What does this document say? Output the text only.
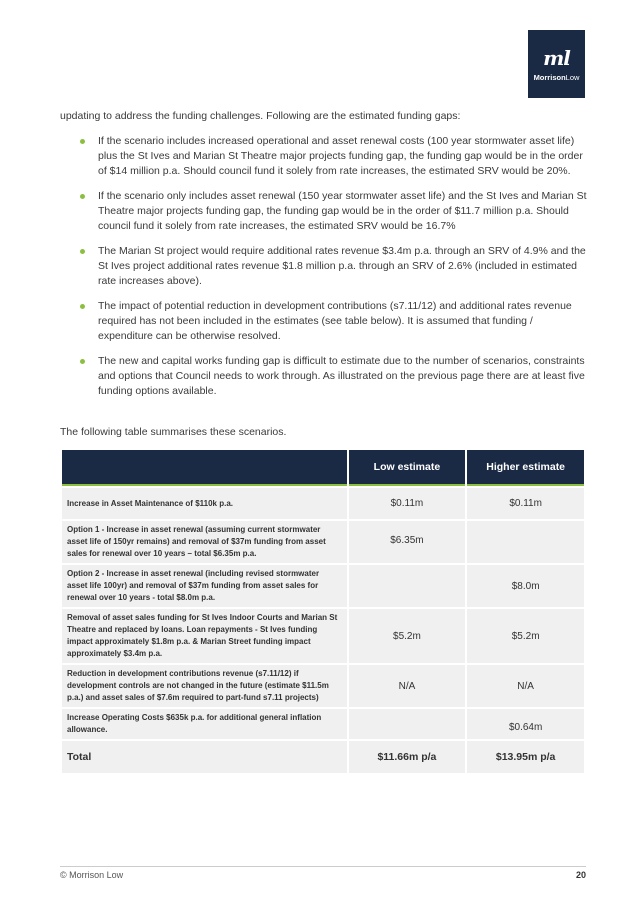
ml
MorrisonLow

updating to address the funding challenges. Following are the estimated funding gaps:

If the scenario includes increased operational and asset renewal costs (100 year stormwater asset life) plus the St Ives and Marian St Theatre major projects funding gap, the funding gap would be in the order of $14 million p.a. Should council fund it solely from rate increases, the estimated SRV would be 20%.
If the scenario only includes asset renewal (150 year stormwater asset life) and the St Ives and Marian St Theatre major projects funding gap, the funding gap would be in the order of $11.7 million p.a. Should council fund it solely from rate increases, the estimated SRV would be 16.7%
The Marian St project would require additional rates revenue $3.4m p.a. through an SRV of 4.9% and the St Ives project additional rates revenue $1.8 million p.a. through an SRV of 2.6% (included in estimated rate increases above).
The impact of potential reduction in development contributions (s7.11/12) and additional rates revenue required has not been included in the estimates (see table below). It is assumed that funding / expenditure can be otherwise resolved.
The new and capital works funding gap is difficult to estimate due to the number of scenarios, constraints and options that Council needs to work through. As illustrated on the previous page there are at least five funding options available.

The following table summarises these scenarios.

	Low estimate	Higher estimate
Increase in Asset Maintenance of $110k p.a.	$0.11m	$0.11m
Option 1 - Increase in asset renewal (assuming current stormwater asset life of 150yr remains) and removal of $37m funding from asset sales for renewal over 10 years – total $6.35m p.a.	$6.35m	
Option 2 - Increase in asset renewal (including revised stormwater asset life 100yr) and removal of $37m funding from asset sales for renewal over 10 years - total $8.0m p.a.		$8.0m
Removal of asset sales funding for St Ives Indoor Courts and Marian St Theatre and replaced by loans. Loan repayments - St Ives funding impact approximately $1.8m p.a. & Marian Street funding impact approximately $3.4m p.a.	$5.2m	$5.2m
Reduction in development contributions revenue (s7.11/12) if development controls are not changed in the future (estimate $11.5m p.a.) and asset sales of $7.6m required to part-fund s7.11 projects)	N/A	N/A
Increase Operating Costs $635k p.a. for additional general inflation allowance.		$0.64m
Total	$11.66m p/a	$13.95m p/a
© Morrison Low	20
